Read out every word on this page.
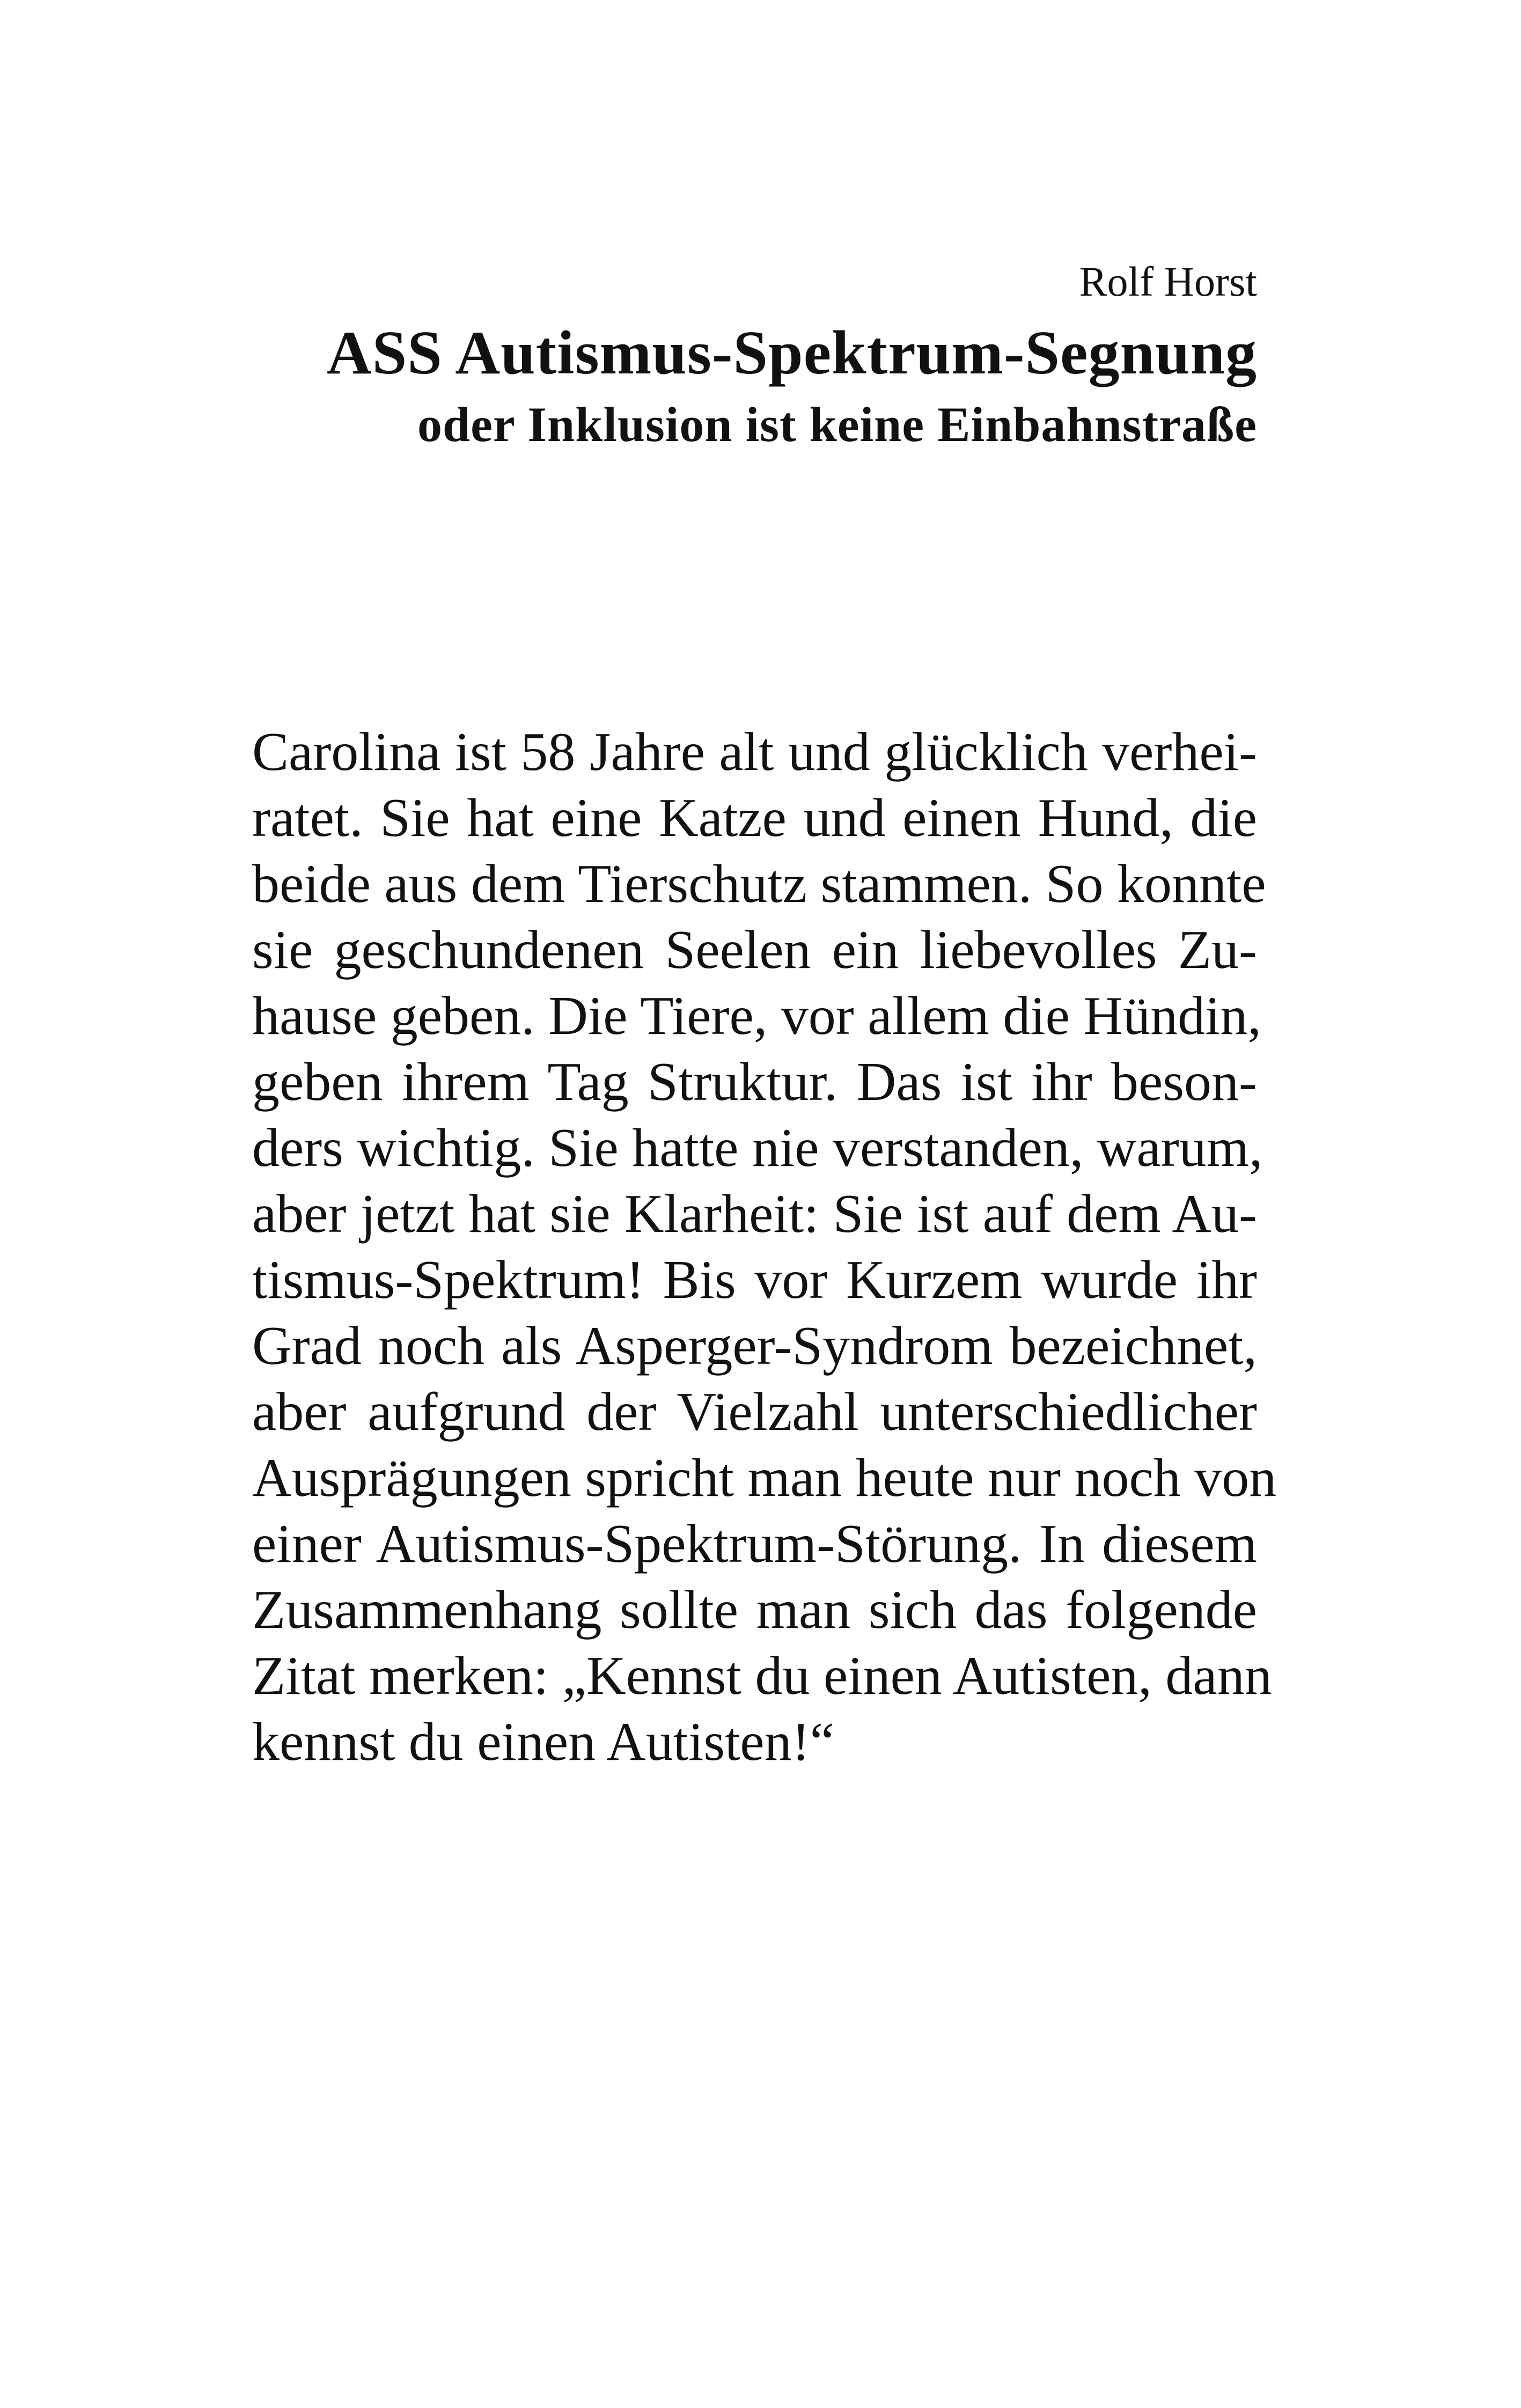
Rolf Horst
ASS Autismus-Spektrum-Segnung
oder Inklusion ist keine Einbahnstraße
Carolina ist 58 Jahre alt und glücklich verhei-
ratet. Sie hat eine Katze und einen Hund, die
beide aus dem Tierschutz stammen. So konnte
sie geschundenen Seelen ein liebevolles Zu-
hause geben. Die Tiere, vor allem die Hündin,
geben ihrem Tag Struktur. Das ist ihr beson-
ders wichtig. Sie hatte nie verstanden, warum,
aber jetzt hat sie Klarheit: Sie ist auf dem Au-
tismus-Spektrum! Bis vor Kurzem wurde ihr
Grad noch als Asperger-Syndrom bezeichnet,
aber aufgrund der Vielzahl unterschiedlicher
Ausprägungen spricht man heute nur noch von
einer Autismus-Spektrum-Störung. In diesem
Zusammenhang sollte man sich das folgende
Zitat merken: „Kennst du einen Autisten, dann
kennst du einen Autisten!“
